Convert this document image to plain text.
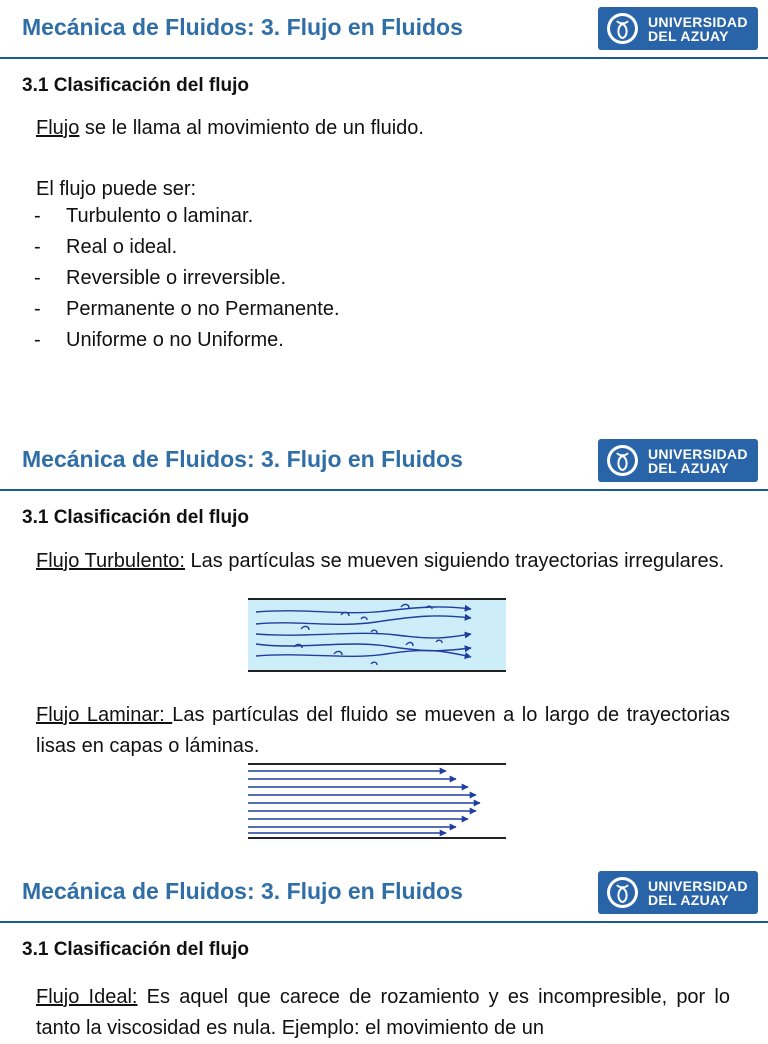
Mecánica de Fluidos: 3. Flujo en Fluidos	UNIVERSIDAD
DEL AZUAY
3.1 Clasificación del flujo
Flujo se le llama al movimiento de un fluido.
El flujo puede ser:
- Turbulento o laminar.
- Real o ideal.
- Reversible o irreversible.
- Permanente o no Permanente.
- Uniforme o no Uniforme.
Mecánica de Fluidos: 3. Flujo en Fluidos	UNIVERSIDAD
DEL AZUAY
3.1 Clasificación del flujo
Flujo Turbulento: Las partículas se mueven siguiendo trayectorias irregulares.
Flujo Laminar: Las partículas del fluido se mueven a lo largo de trayectorias lisas en capas o láminas.
Mecánica de Fluidos: 3. Flujo en Fluidos	UNIVERSIDAD
DEL AZUAY
3.1 Clasificación del flujo
Flujo Ideal: Es aquel que carece de rozamiento y es incompresible, por lo tanto la viscosidad es nula. Ejemplo: el movimiento de un
